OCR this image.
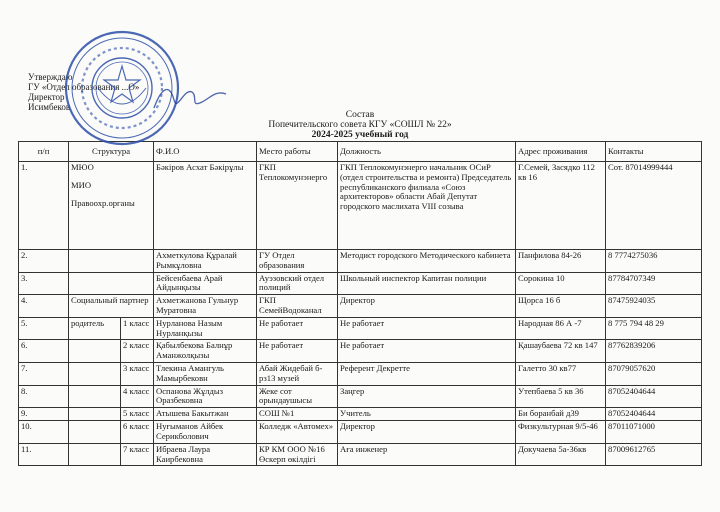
Утверждаю
ГУ «Отдел образования ...О»
Директор
Исимбеков
Состав
Попечительского совета КГУ «СОШЛ № 22»
2024-2025 учебный год
п/п	Структура		Ф.И.О	Место работы	Должность	Адрес проживания	Контакты
1.	МЮО
МИО
Правоохр.органы		Бәкіров Асхат Бәкірұлы	ГКП Теплокомунэнерго	ГКП Теплокомунэнерго начальник ОСиР (отдел строительства и ремонта) Председатель республиканского филиала «Союз архитекторов» области Абай Депутат городского маслихата VIII созыва	Г.Семей, Засядко 112 кв 16	Сот. 87014999444
2.			Ахметкулова Құралай Рымкұловна	ГУ Отдел образования	Методист городского Методического кабинета	Панфилова 84-26	8 7774275036
3.			Бейсенбаева Арай Айдынқызы	Ауэзовский отдел полиций	Школьный инспектор Капитан полиции	Сорокина 10	87784707349
4.	Социальный партнер		Ахметжанова Гульнур Муратовна	ГКП СемейВодоканал	Директор	Щорса 16 б	87475924035
5.	родитель	1 класс	Нурланова Назым Нурланқызы	Не работает	Не работает	Народная 86 А -7	8 775 794 48 29
6.		2 класс	Қабылбекова Балнұр Аманжолқызы	Не работает	Не работает	Қашаубаева 72 кв 147	87762839206
7.		3 класс	Тлекина Амангуль Мамырбековн	Абай Жидебай б-рз13 музей	Референт Декретте	Галетто 30 кв77	87079057620
8.		4 класс	Оспанова Жұлдыз Оразбековна	Жеке сот орындаушысы	Заңгер	Утепбаева 5 кв 36	87052404644
9.		5 класс	Атышева Бакытжан	СОШ №1	Учитель	Би боранбай д39	87052404644
10.		6 класс	Нуғыманов Айбек Серикболович	Колледж «Автомех»	Директор	Физкультурная 9/5-46	87011071000
11.		7 класс	Ибраева Лаура Каирбековна	КР КМ ООО №16 Өскерп өкілдігі	Аға инженер	Докучаева 5а-36кв	87009612765
